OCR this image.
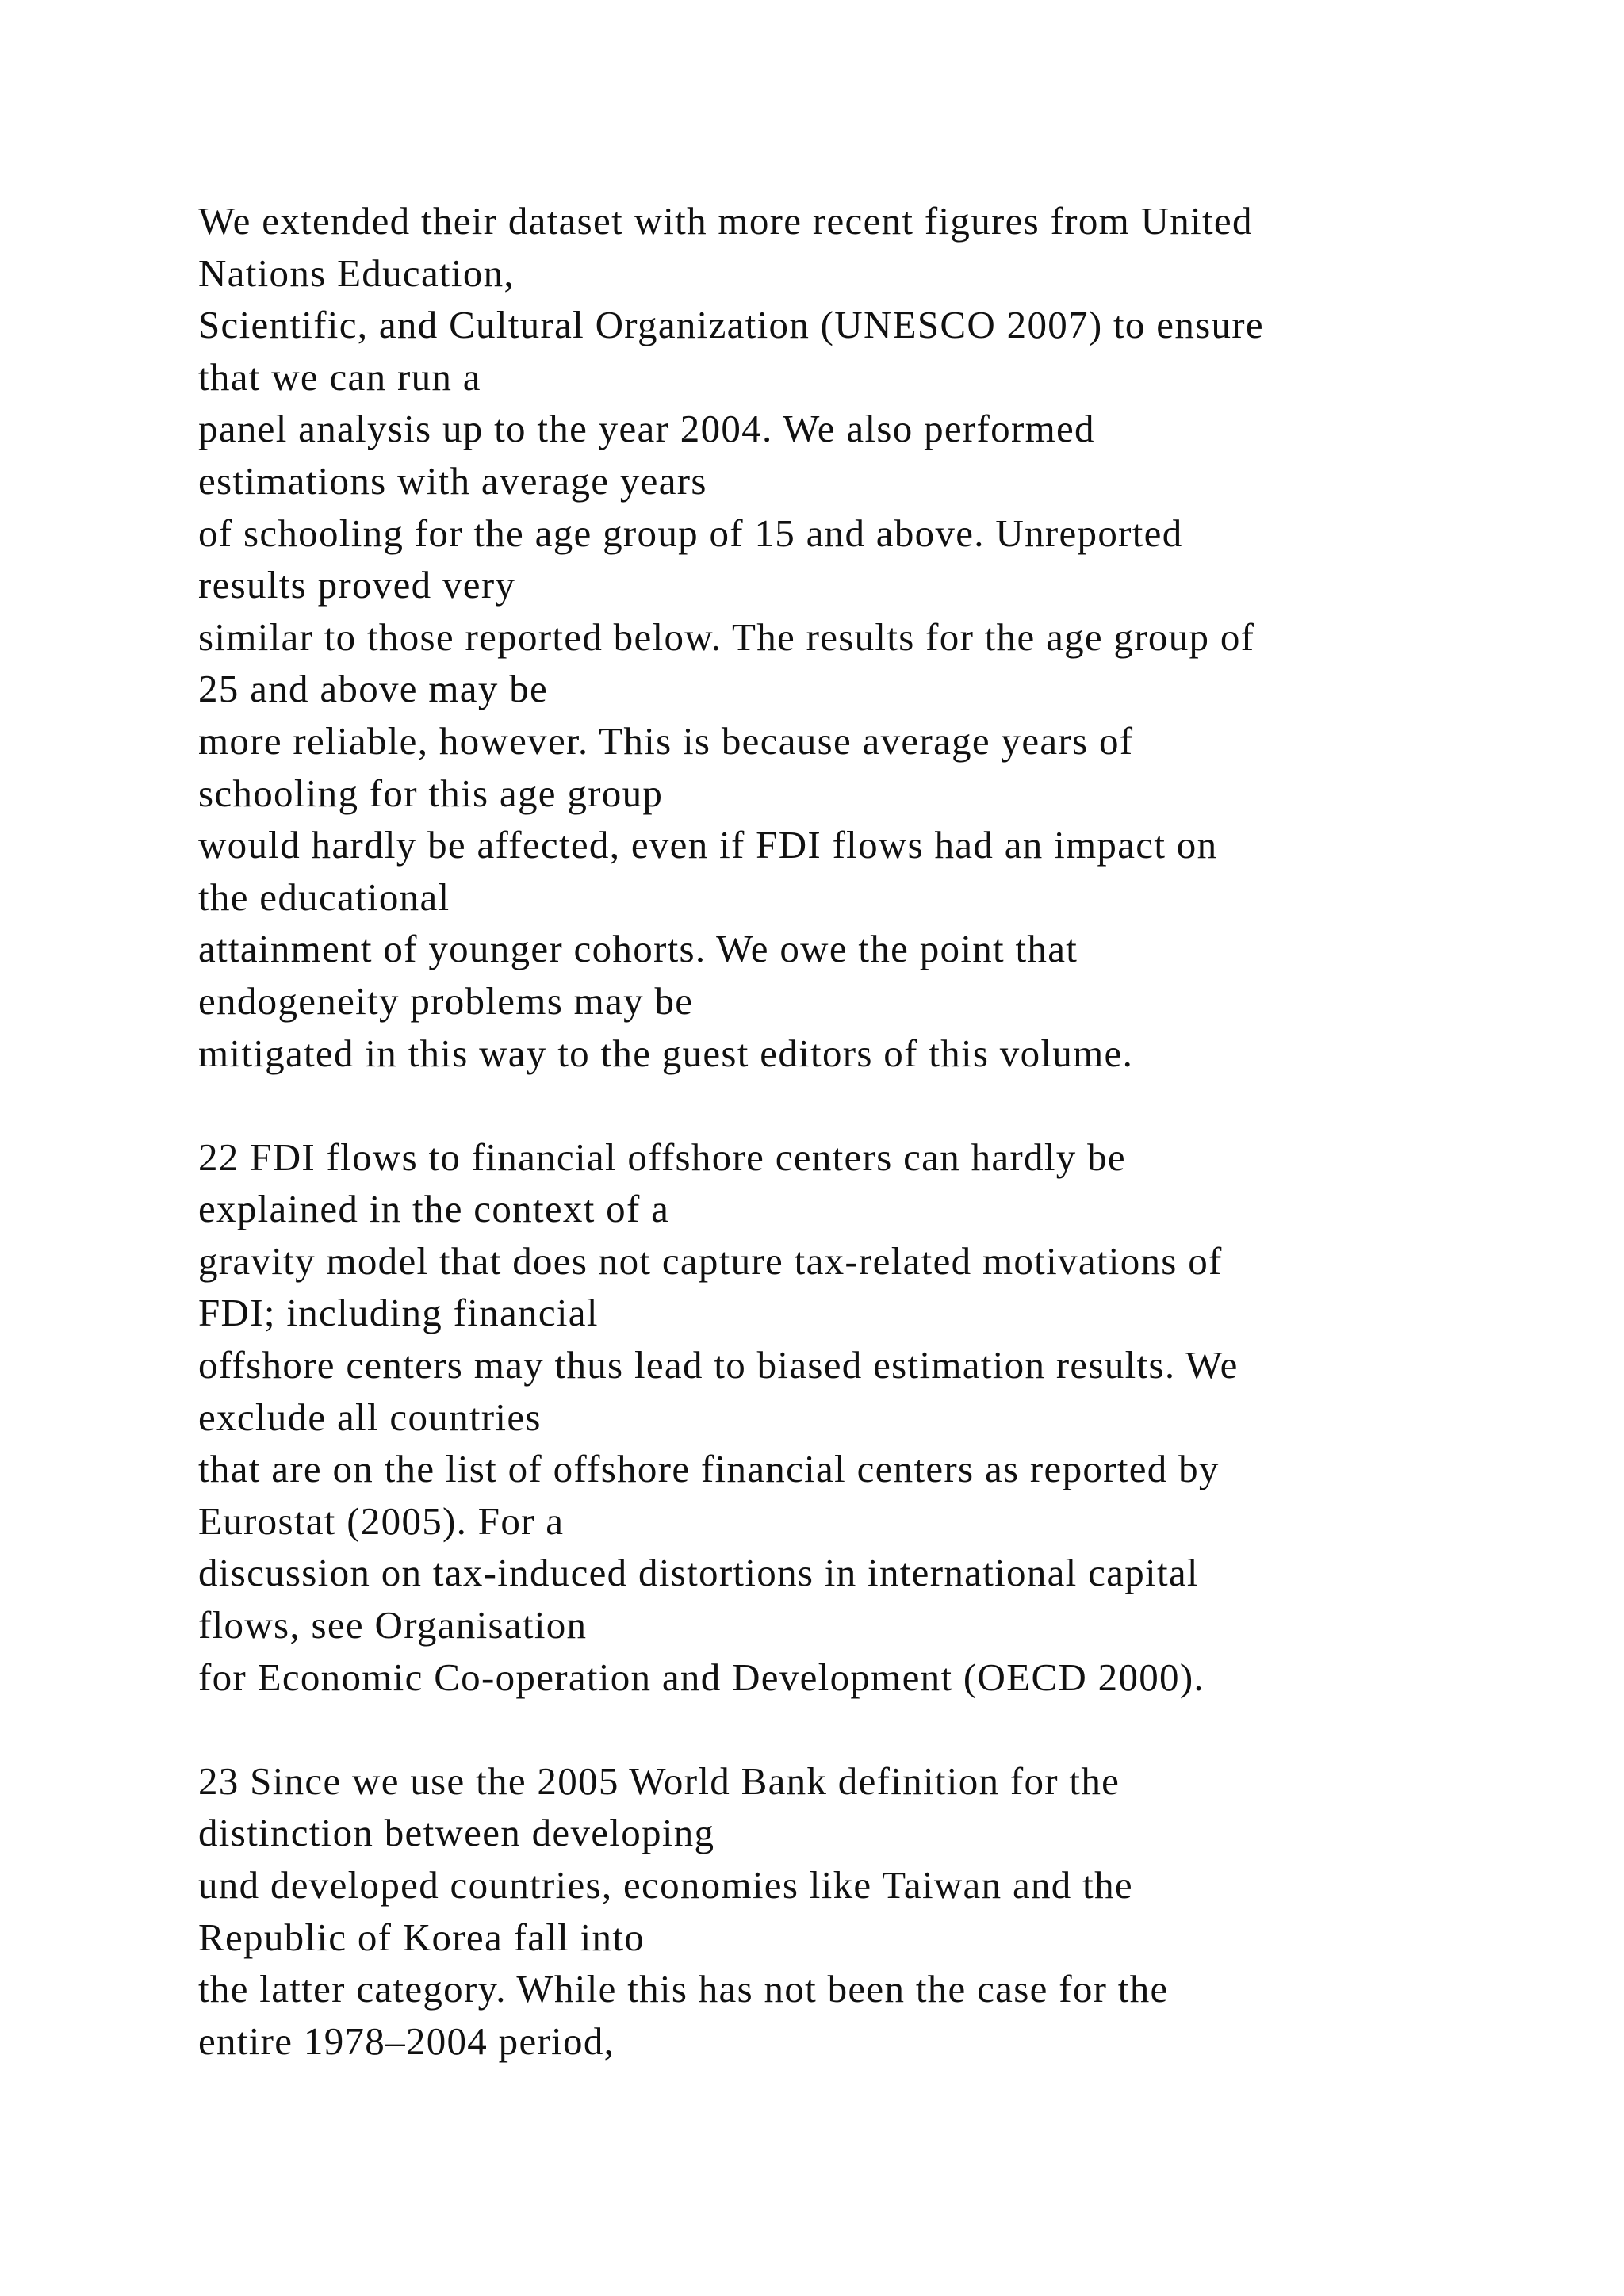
We extended their dataset with more recent figures from United
Nations Education,
Scientific, and Cultural Organization (UNESCO 2007) to ensure
that we can run a
panel analysis up to the year 2004. We also performed
estimations with average years
of schooling for the age group of 15 and above. Unreported
results proved very
similar to those reported below. The results for the age group of
25 and above may be
more reliable, however. This is because average years of
schooling for this age group
would hardly be affected, even if FDI flows had an impact on
the educational
attainment of younger cohorts. We owe the point that
endogeneity problems may be
mitigated in this way to the guest editors of this volume.

22 FDI flows to financial offshore centers can hardly be
explained in the context of a
gravity model that does not capture tax-related motivations of
FDI; including financial
offshore centers may thus lead to biased estimation results. We
exclude all countries
that are on the list of offshore financial centers as reported by
Eurostat (2005). For a
discussion on tax-induced distortions in international capital
flows, see Organisation
for Economic Co-operation and Development (OECD 2000).

23 Since we use the 2005 World Bank definition for the
distinction between developing
und developed countries, economies like Taiwan and the
Republic of Korea fall into
the latter category. While this has not been the case for the
entire 1978–2004 period,
